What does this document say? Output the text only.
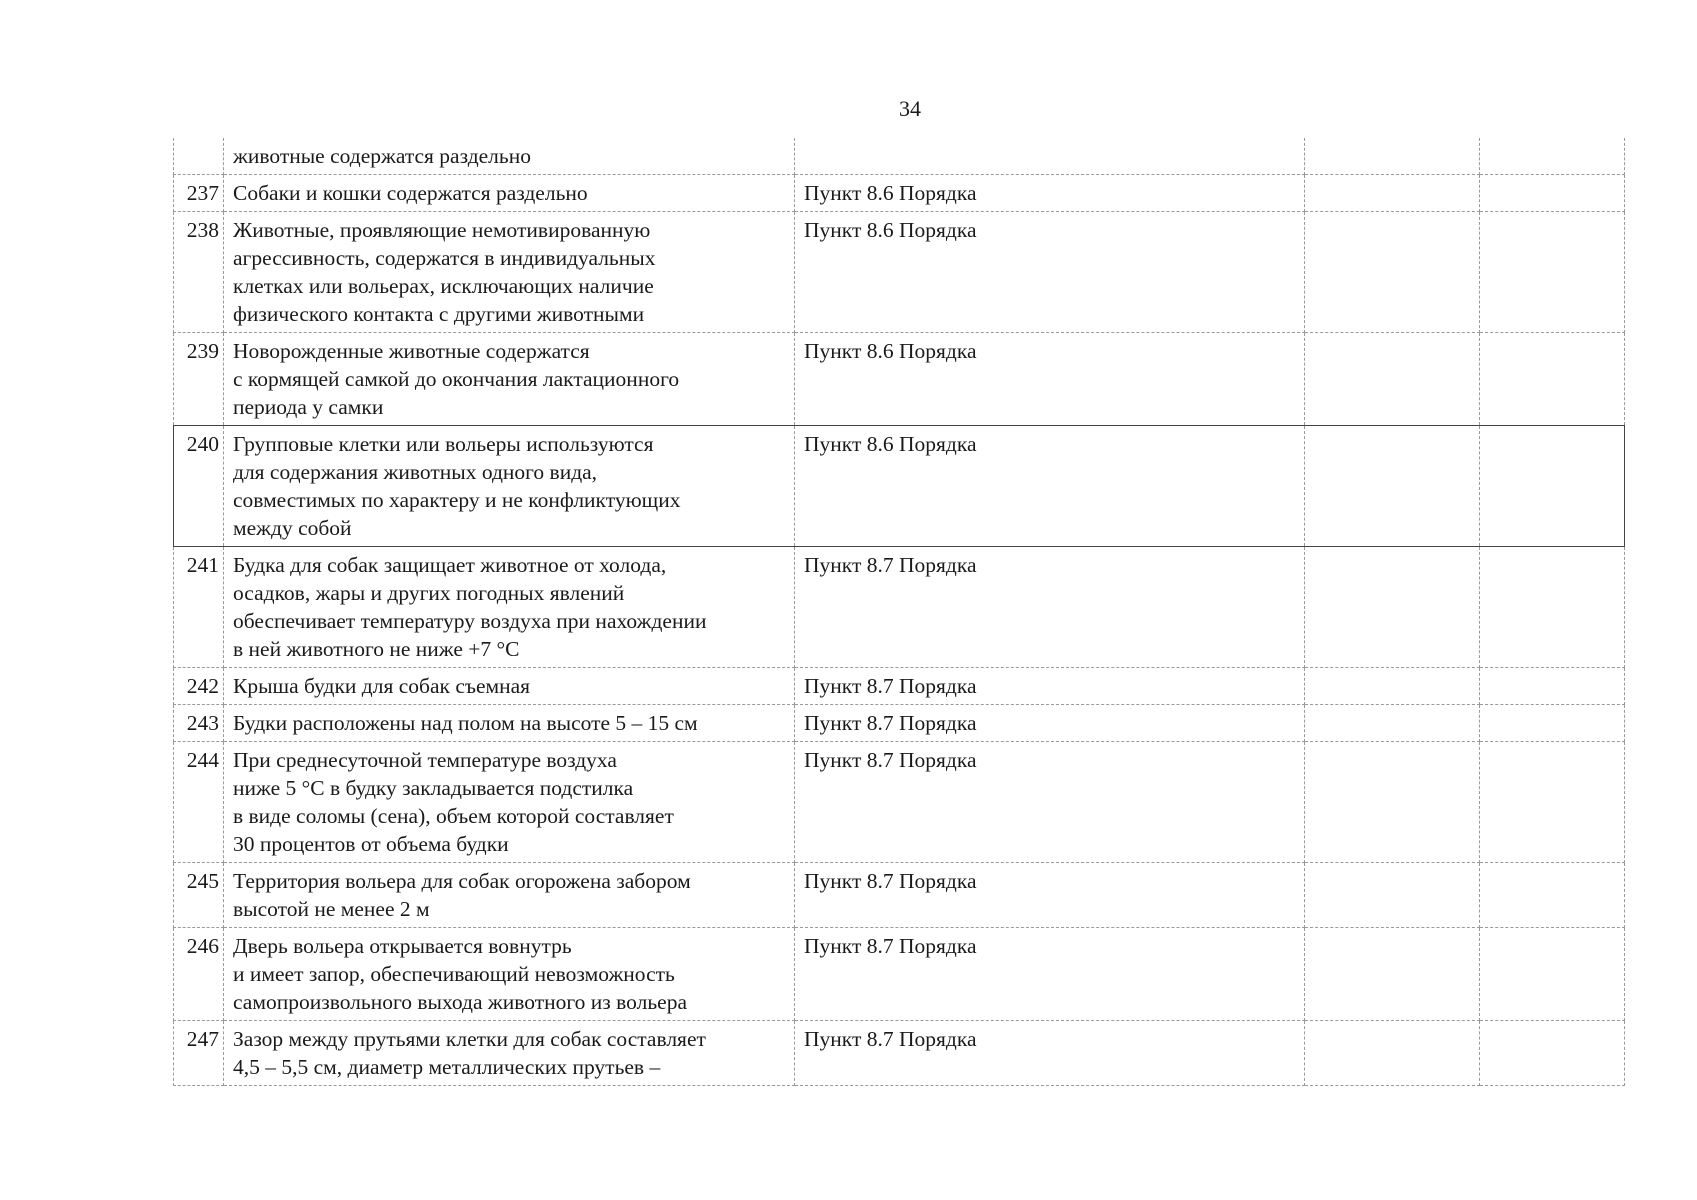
34

	животные содержатся раздельно			

237	Собаки и кошки содержатся раздельно	Пункт 8.6 Порядка		
238	Животные, проявляющие немотивированную
агрессивность, содержатся в индивидуальных
клетках или вольерах, исключающих наличие
физического контакта с другими животными	Пункт 8.6 Порядка		
239	Новорожденные животные содержатся
с кормящей самкой до окончания лактационного
периода у самки	Пункт 8.6 Порядка		
240	Групповые клетки или вольеры используются
для содержания животных одного вида,
совместимых по характеру и не конфликтующих
между собой	Пункт 8.6 Порядка		
241	Будка для собак защищает животное от холода,
осадков, жары и других погодных явлений
обеспечивает температуру воздуха при нахождении
в ней животного не ниже +7 °С	Пункт 8.7 Порядка		
242	Крыша будки для собак съемная	Пункт 8.7 Порядка		
243	Будки расположены над полом на высоте 5 – 15 см	Пункт 8.7 Порядка		
244	При среднесуточной температуре воздуха
ниже 5 °С в будку закладывается подстилка
в виде соломы (сена), объем которой составляет
30 процентов от объема будки	Пункт 8.7 Порядка		
245	Территория вольера для собак огорожена забором
высотой не менее 2 м	Пункт 8.7 Порядка		
246	Дверь вольера открывается вовнутрь
и имеет запор, обеспечивающий невозможность
самопроизвольного выхода животного из вольера	Пункт 8.7 Порядка		
247	Зазор между прутьями клетки для собак составляет
4,5 – 5,5 см, диаметр металлических прутьев –	Пункт 8.7 Порядка		
